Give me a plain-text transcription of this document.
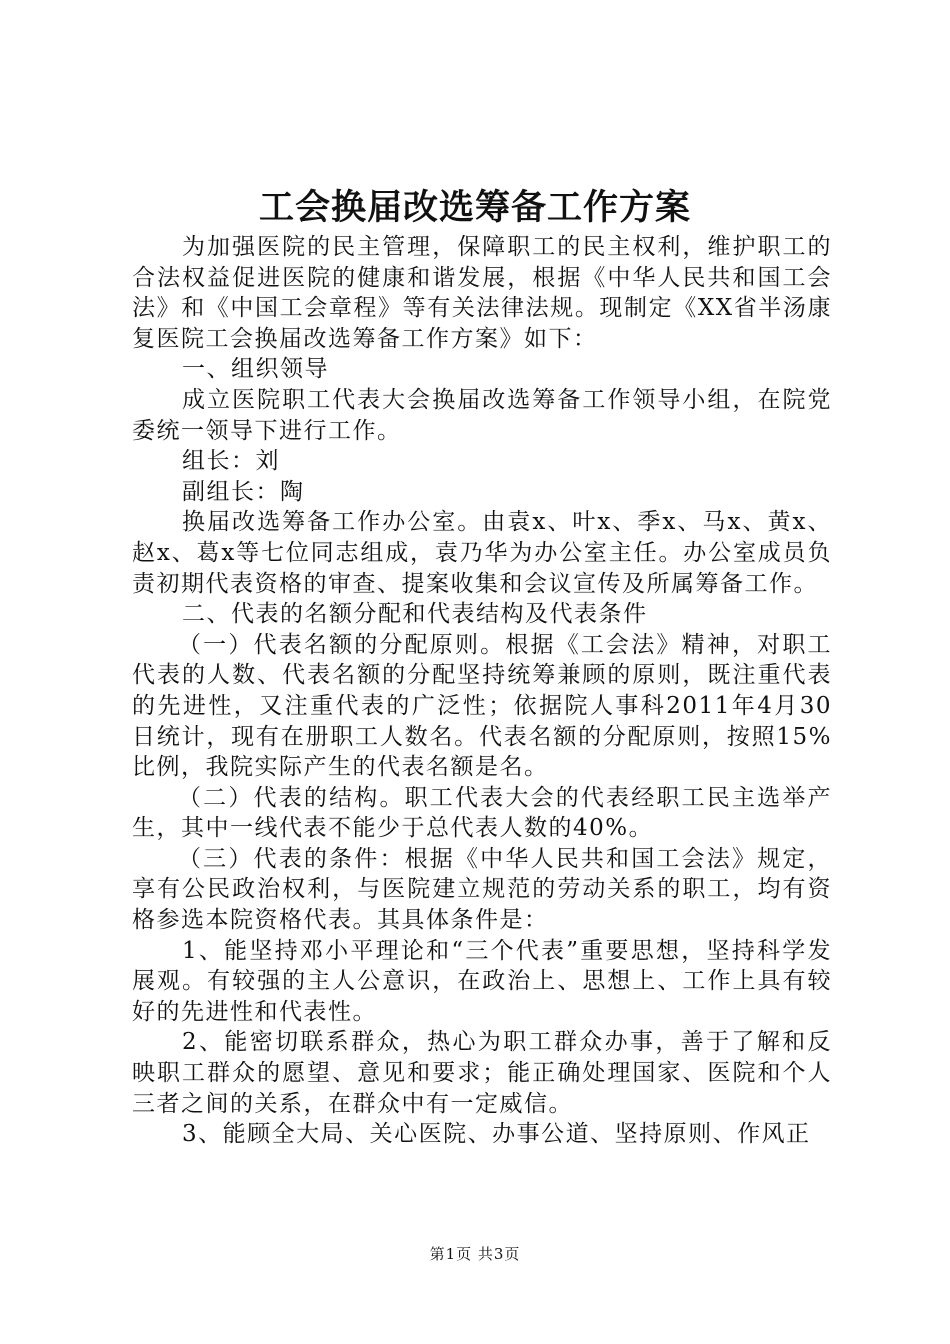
工会换届改选筹备工作方案

为加强医院的民主管理，保障职工的民主权利，维护职工的合法权益促进医院的健康和谐发展，根据《中华人民共和国工会法》和《中国工会章程》等有关法律法规。现制定《XX省半汤康复医院工会换届改选筹备工作方案》如下：

一、组织领导

成立医院职工代表大会换届改选筹备工作领导小组，在院党委统一领导下进行工作。

组长：刘

副组长：陶

换届改选筹备工作办公室。由袁x、叶x、季x、马x、黄x、赵x、葛x等七位同志组成，袁乃华为办公室主任。办公室成员负责初期代表资格的审查、提案收集和会议宣传及所属筹备工作。

二、代表的名额分配和代表结构及代表条件

（一）代表名额的分配原则。根据《工会法》精神，对职工代表的人数、代表名额的分配坚持统筹兼顾的原则，既注重代表的先进性，又注重代表的广泛性；依据院人事科2011年4月30日统计，现有在册职工人数名。代表名额的分配原则，按照15%比例，我院实际产生的代表名额是名。

（二）代表的结构。职工代表大会的代表经职工民主选举产生，其中一线代表不能少于总代表人数的40%。

（三）代表的条件：根据《中华人民共和国工会法》规定，享有公民政治权利，与医院建立规范的劳动关系的职工，均有资格参选本院资格代表。其具体条件是：

1、能坚持邓小平理论和“三个代表”重要思想，坚持科学发展观。有较强的主人公意识，在政治上、思想上、工作上具有较好的先进性和代表性。

2、能密切联系群众，热心为职工群众办事，善于了解和反映职工群众的愿望、意见和要求；能正确处理国家、医院和个人三者之间的关系，在群众中有一定威信。

3、能顾全大局、关心医院、办事公道、坚持原则、作风正

第1页 共3页
